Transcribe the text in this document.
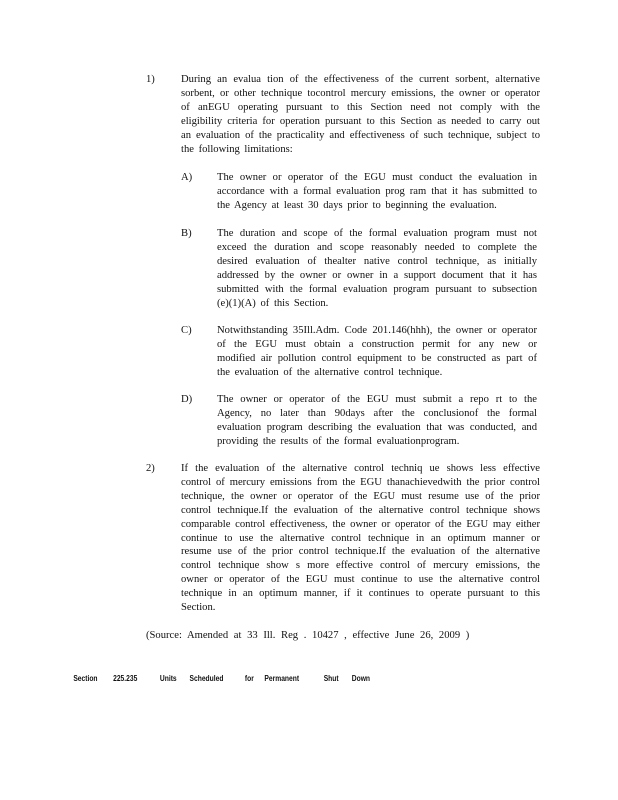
1) During an evalua tion of the effectiveness of the current sorbent, alternative sorbent, or other technique tocontrol mercury emissions, the owner or operator of anEGU operating pursuant to this Section need not comply with the eligibility criteria for operation pursuant to this Section as needed to carry out an evaluation of the practicality and effectiveness of such technique, subject to the following limitations:
A) The owner or operator of the EGU must conduct the evaluation in accordance with a formal evaluation prog ram that it has submitted to the Agency at least 30 days prior to beginning the evaluation.
B) The duration and scope of the formal evaluation program must not exceed the duration and scope reasonably needed to complete the desired evaluation of thealter native control technique, as initially addressed by the owner or owner in a support document that it has submitted with the formal evaluation program pursuant to subsection (e)(1)(A) of this Section.
C) Notwithstanding 35Ill.Adm. Code 201.146(hhh), the owner or operator of the EGU must obtain a construction permit for any new or modified air pollution control equipment to be constructed as part of the evaluation of the alternative control technique.
D) The owner or operator of the EGU must submit a repo rt to the Agency, no later than 90days after the conclusionof the formal evaluation program describing the evaluation that was conducted, and providing the results of the formal evaluationprogram.
2) If the evaluation of the alternative control techniq ue shows less effective control of mercury emissions from the EGU thanachievedwith the prior control technique, the owner or operator of the EGU must resume use of the prior control technique.If the evaluation of the alternative control technique shows comparable control effectiveness, the owner or operator of the EGU may either continue to use the alternative control technique in an optimum manner or resume use of the prior control technique.If the evaluation of the alternative control technique show s more effective control of mercury emissions, the owner or operator of the EGU must continue to use the alternative control technique in an optimum manner, if it continues to operate pursuant to this Section.
(Source: Amended at 33 Ill. Reg . 10427 , effective June 26, 2009 )
Section 225.235	Units Scheduled for Permanent	Shut Down
